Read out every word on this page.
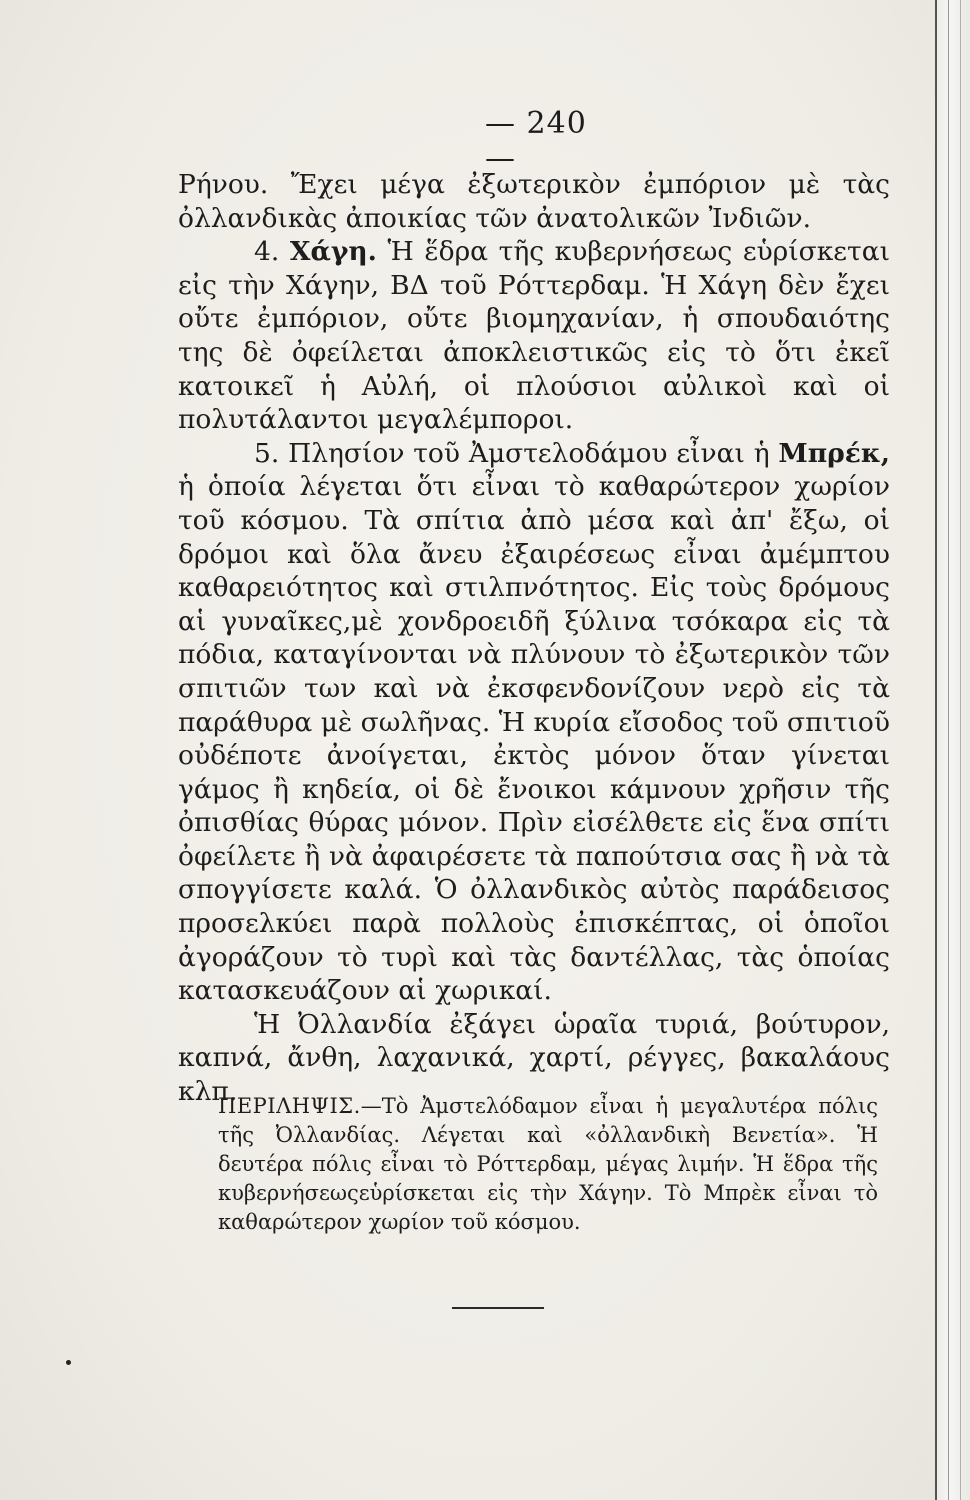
— 240 —

Ρήνου. Ἔχει μέγα ἐξωτερικὸν ἐμπόριον μὲ τὰς ὀλλανδικὰς ἀποικίας τῶν ἀνατολικῶν Ἰνδιῶν.

4. Χάγη. Ἡ ἕδρα τῆς κυβερνήσεως εὑρίσκεται εἰς τὴν Χάγην, ΒΔ τοῦ Ρόττερδαμ. Ἡ Χάγη δὲν ἔχει οὔτε ἐμπόριον, οὔτε βιομηχανίαν, ἡ σπουδαιότης της δὲ ὀφείλεται ἀποκλειστικῶς εἰς τὸ ὅτι ἐκεῖ κατοικεῖ ἡ Αὐλή, οἱ πλούσιοι αὐλικοὶ καὶ οἱ πολυτάλαντοι μεγαλέμποροι.

5. Πλησίον τοῦ Ἀμστελοδάμου εἶναι ἡ Μπρέκ, ἡ ὁποία λέγεται ὅτι εἶναι τὸ καθαρώτερον χωρίον τοῦ κόσμου. Τὰ σπίτια ἀπὸ μέσα καὶ ἀπ' ἔξω, οἱ δρόμοι καὶ ὅλα ἄνευ ἐξαιρέσεως εἶναι ἀμέμπτου καθαρειότητος καὶ στιλπνότητος. Εἰς τοὺς δρόμους αἱ γυναῖκες,μὲ χονδροειδῆ ξύλινα τσόκαρα εἰς τὰ πόδια, καταγίνονται νὰ πλύνουν τὸ ἐξωτερικὸν τῶν σπιτιῶν των καὶ νὰ ἐκσφενδονίζουν νερὸ εἰς τὰ παράθυρα μὲ σωλῆνας. Ἡ κυρία εἴσοδος τοῦ σπιτιοῦ οὐδέποτε ἀνοίγεται, ἐκτὸς μόνον ὅταν γίνεται γάμος ἢ κηδεία, οἱ δὲ ἔνοικοι κάμνουν χρῆσιν τῆς ὀπισθίας θύρας μόνον. Πρὶν εἰσέλθετε εἰς ἕνα σπίτι ὀφείλετε ἢ νὰ ἀφαιρέσετε τὰ παπούτσια σας ἢ νὰ τὰ σπογγίσετε καλά. Ὁ ὀλλανδικὸς αὐτὸς παράδεισος προσελκύει παρὰ πολλοὺς ἐπισκέπτας, οἱ ὁποῖοι ἀγοράζουν τὸ τυρὶ καὶ τὰς δαντέλλας, τὰς ὁποίας κατασκευάζουν αἱ χωρικαί.

Ἡ Ὀλλανδία ἐξάγει ὡραῖα τυριά, βούτυρον, καπνά, ἄνθη, λαχανικά, χαρτί, ρέγγες, βακαλάους κλπ.

ΠΕΡΙΛΗΨΙΣ.—Τὸ Ἀμστελόδαμον εἶναι ἡ μεγαλυτέρα πόλις τῆς Ὀλλανδίας. Λέγεται καὶ «ὀλλανδικὴ Βενετία». Ἡ δευτέρα πόλις εἶναι τὸ Ρόττερδαμ, μέγας λιμήν. Ἡ ἕδρα τῆς κυβερνήσεωςεὑρίσκεται εἰς τὴν Χάγην. Τὸ Μπρὲκ εἶναι τὸ καθαρώτερον χωρίον τοῦ κόσμου.
